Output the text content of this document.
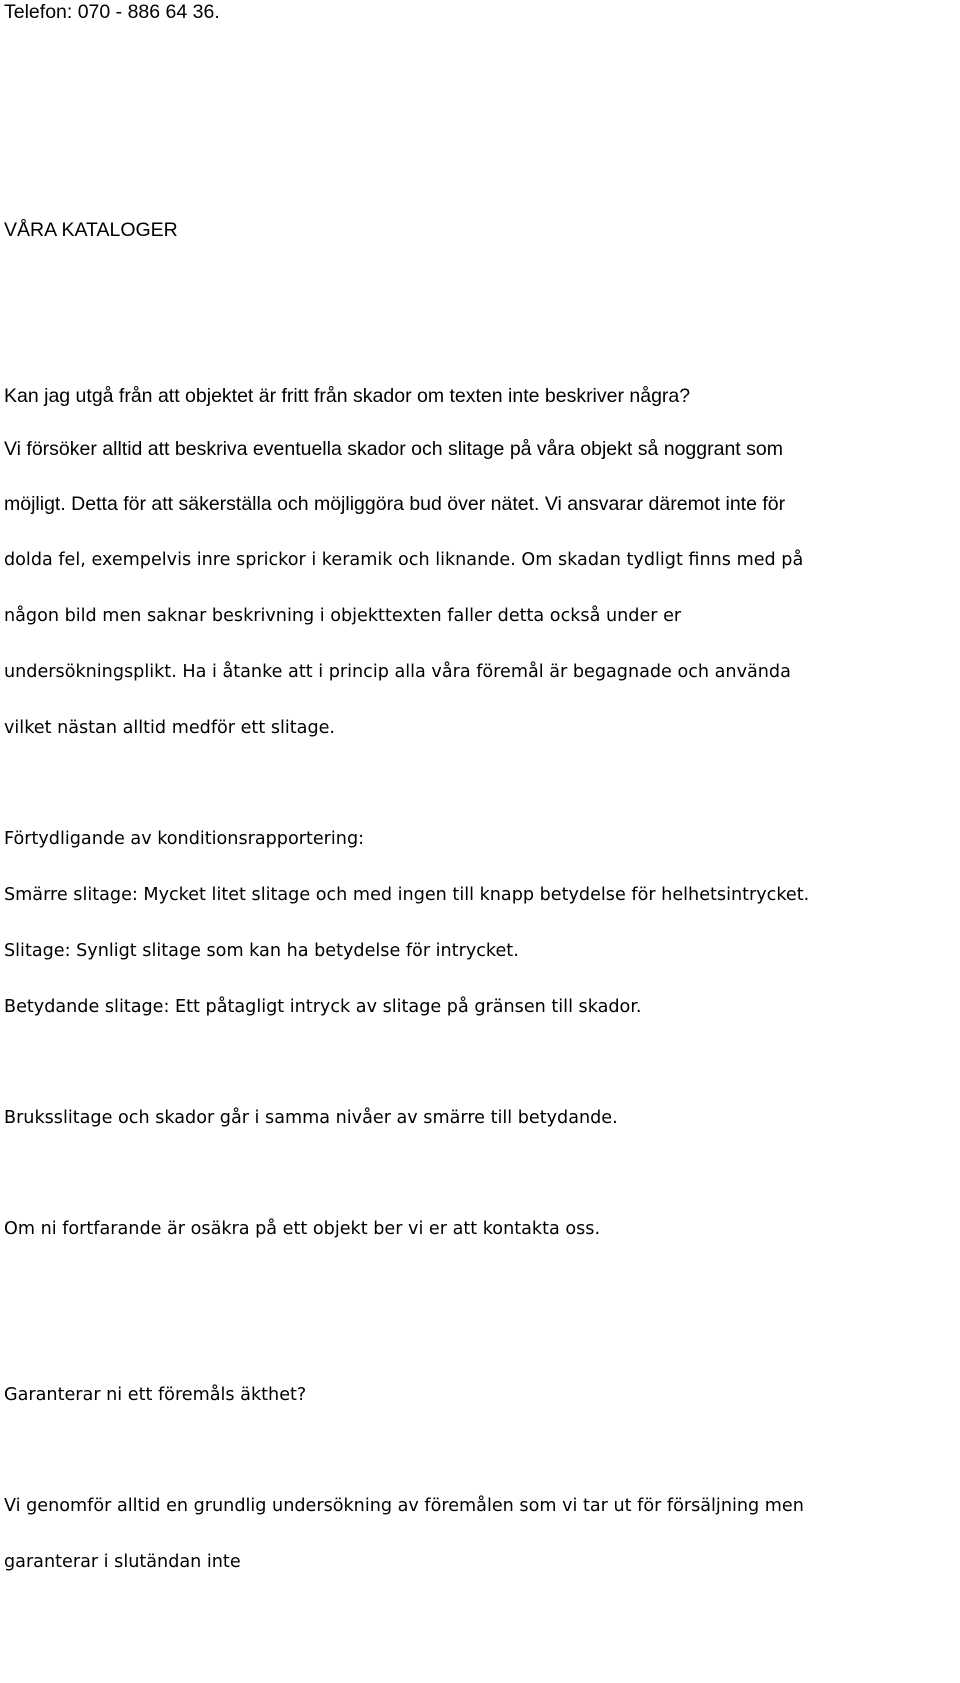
Telefon: 070 - 886 64 36.
VÅRA KATALOGER
Kan jag utgå från att objektet är fritt från skador om texten inte beskriver några?
Vi försöker alltid att beskriva eventuella skador och slitage på våra objekt så noggrant som
möjligt. Detta för att säkerställa och möjliggöra bud över nätet. Vi ansvarar däremot inte för
dolda fel, exempelvis inre sprickor i keramik och liknande. Om skadan tydligt finns med på
någon bild men saknar beskrivning i objekttexten faller detta också under er
undersökningsplikt. Ha i åtanke att i princip alla våra föremål är begagnade och använda
vilket nästan alltid medför ett slitage.
Förtydligande av konditionsrapportering:
Smärre slitage: Mycket litet slitage och med ingen till knapp betydelse för helhetsintrycket.
Slitage: Synligt slitage som kan ha betydelse för intrycket.
Betydande slitage: Ett påtagligt intryck av slitage på gränsen till skador.
Bruksslitage och skador går i samma nivåer av smärre till betydande.
Om ni fortfarande är osäkra på ett objekt ber vi er att kontakta oss.
Garanterar ni ett föremåls äkthet?
Vi genomför alltid en grundlig undersökning av föremålen som vi tar ut för försäljning men
garanterar i slutändan inte
